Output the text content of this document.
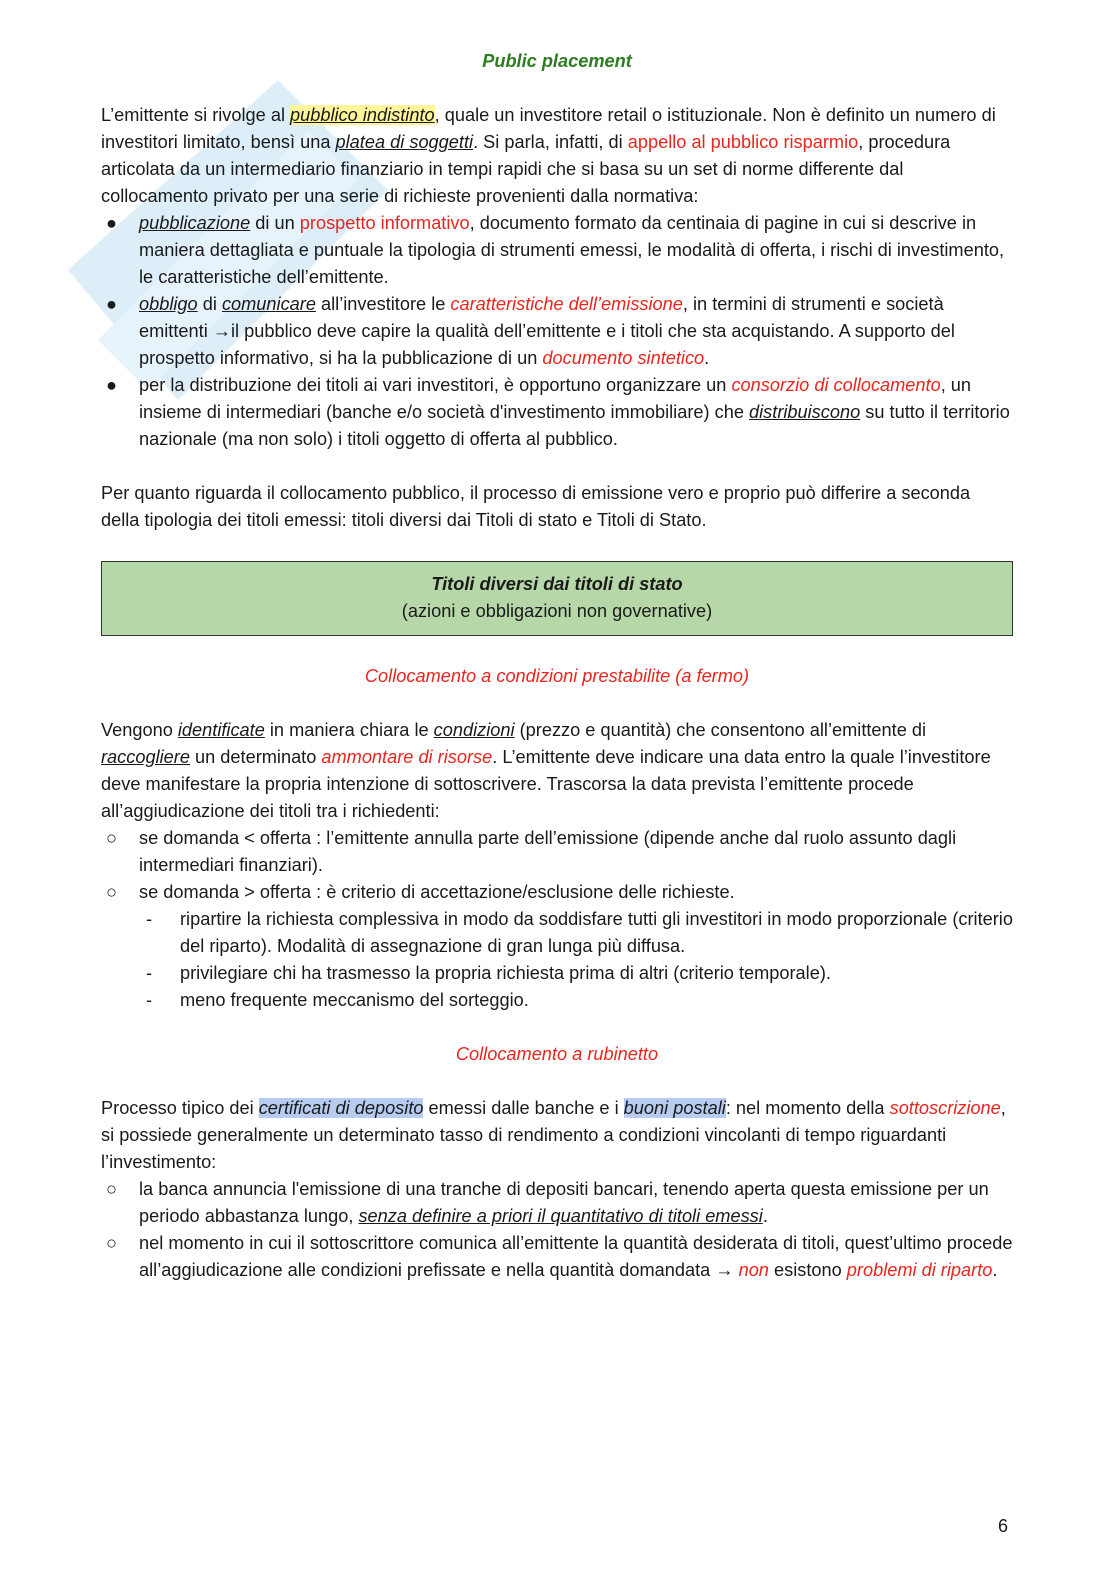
Public placement

L’emittente si rivolge al pubblico indistinto, quale un investitore retail o istituzionale. Non è definito un numero di investitori limitato, bensì una platea di soggetti. Si parla, infatti, di appello al pubblico risparmio, procedura articolata da un intermediario finanziario in tempi rapidi che si basa su un set di norme differente dal collocamento privato per una serie di richieste provenienti dalla normativa:

● pubblicazione di un prospetto informativo, documento formato da centinaia di pagine in cui si descrive in maniera dettagliata e puntuale la tipologia di strumenti emessi, le modalità di offerta, i rischi di investimento, le caratteristiche dell’emittente.
● obbligo di comunicare all’investitore le caratteristiche dell’emissione, in termini di strumenti e società emittenti →il pubblico deve capire la qualità dell’emittente e i titoli che sta acquistando. A supporto del prospetto informativo, si ha la pubblicazione di un documento sintetico.
● per la distribuzione dei titoli ai vari investitori, è opportuno organizzare un consorzio di collocamento, un insieme di intermediari (banche e/o società d'investimento immobiliare) che distribuiscono su tutto il territorio nazionale (ma non solo) i titoli oggetto di offerta al pubblico.

Per quanto riguarda il collocamento pubblico, il processo di emissione vero e proprio può differire a seconda della tipologia dei titoli emessi: titoli diversi dai Titoli di stato e Titoli di Stato.

Titoli diversi dai titoli di stato
(azioni e obbligazioni non governative)

Collocamento a condizioni prestabilite (a fermo)

Vengono identificate in maniera chiara le condizioni (prezzo e quantità) che consentono all’emittente di raccogliere un determinato ammontare di risorse. L’emittente deve indicare una data entro la quale l’investitore deve manifestare la propria intenzione di sottoscrivere. Trascorsa la data prevista l’emittente procede all’aggiudicazione dei titoli tra i richiedenti:

○ se domanda < offerta : l’emittente annulla parte dell’emissione (dipende anche dal ruolo assunto dagli intermediari finanziari).
○ se domanda > offerta : è criterio di accettazione/esclusione delle richieste.
- ripartire la richiesta complessiva in modo da soddisfare tutti gli investitori in modo proporzionale (criterio del riparto). Modalità di assegnazione di gran lunga più diffusa.
- privilegiare chi ha trasmesso la propria richiesta prima di altri (criterio temporale).
- meno frequente meccanismo del sorteggio.

Collocamento a rubinetto

Processo tipico dei certificati di deposito emessi dalle banche e i buoni postali: nel momento della sottoscrizione, si possiede generalmente un determinato tasso di rendimento a condizioni vincolanti di tempo riguardanti l’investimento:

○ la banca annuncia l'emissione di una tranche di depositi bancari, tenendo aperta questa emissione per un periodo abbastanza lungo, senza definire a priori il quantitativo di titoli emessi.
○ nel momento in cui il sottoscrittore comunica all’emittente la quantità desiderata di titoli, quest’ultimo procede all’aggiudicazione alle condizioni prefissate e nella quantità domandata → non esistono problemi di riparto.
6
